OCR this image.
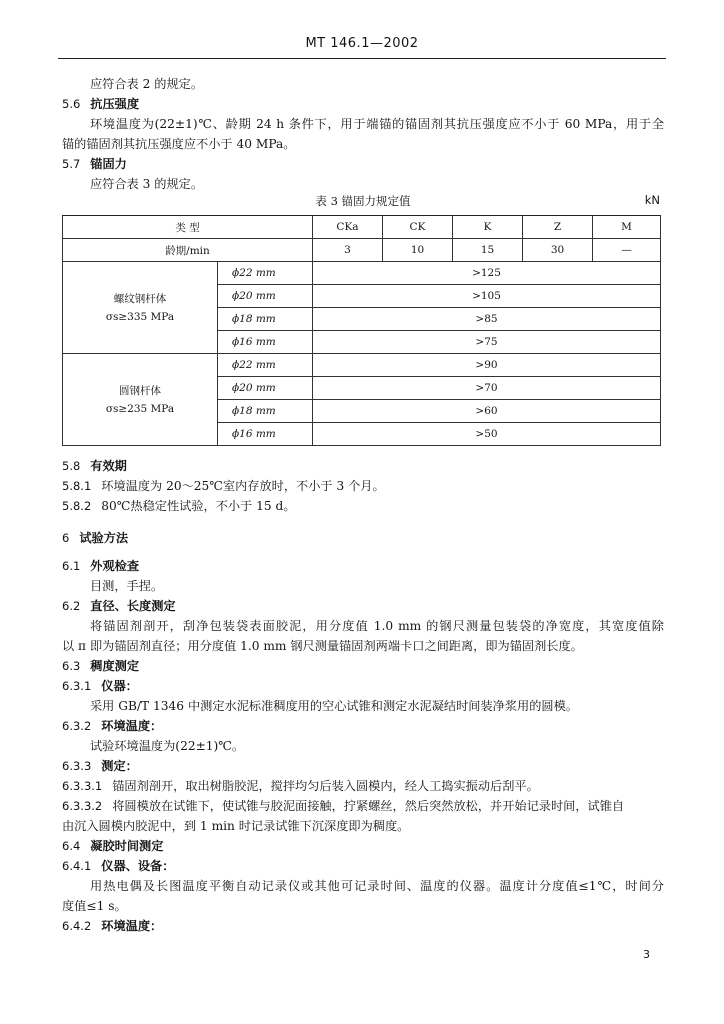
MT 146.1—2002
应符合表 2 的规定。
5.6 抗压强度
环境温度为(22±1)℃、龄期 24 h 条件下，用于端锚的锚固剂其抗压强度应不小于 60 MPa，用于全
锚的锚固剂其抗压强度应不小于 40 MPa。
5.7 锚固力
应符合表 3 的规定。
表 3 锚固力规定值	kN
类 型		CKa	CK	K	Z	M
龄期/min		3	10	15	30	—

螺纹钢杆体
σs≥335 MPa	ϕ22 mm	>125				
	ϕ20 mm	>105				
	ϕ18 mm	>85				
	ϕ16 mm	>75				

圆钢杆体
σs≥235 MPa	ϕ22 mm	>90				
	ϕ20 mm	>70				
	ϕ18 mm	>60				
	ϕ16 mm	>50				
5.8 有效期
5.8.1 环境温度为 20～25℃室内存放时，不小于 3 个月。
5.8.2 80℃热稳定性试验，不小于 15 d。
6 试验方法
6.1 外观检查
目测，手捏。
6.2 直径、长度测定
将锚固剂剖开，刮净包装袋表面胶泥，用分度值 1.0 mm 的钢尺测量包装袋的净宽度，其宽度值除
以 π 即为锚固剂直径；用分度值 1.0 mm 钢尺测量锚固剂两端卡口之间距离，即为锚固剂长度。
6.3 稠度测定
6.3.1 仪器：
采用 GB/T 1346 中测定水泥标准稠度用的空心试锥和测定水泥凝结时间装净浆用的圆模。
6.3.2 环境温度：
试验环境温度为(22±1)℃。
6.3.3 测定：
6.3.3.1 锚固剂剖开，取出树脂胶泥，搅拌均匀后装入圆模内，经人工捣实振动后刮平。
6.3.3.2 将圆模放在试锥下，使试锥与胶泥面接触，拧紧螺丝，然后突然放松，并开始记录时间，试锥自
由沉入圆模内胶泥中，到 1 min 时记录试锥下沉深度即为稠度。
6.4 凝胶时间测定
6.4.1 仪器、设备：
用热电偶及长图温度平衡自动记录仪或其他可记录时间、温度的仪器。温度计分度值≤1℃，时间分
度值≤1 s。
6.4.2 环境温度：
3
